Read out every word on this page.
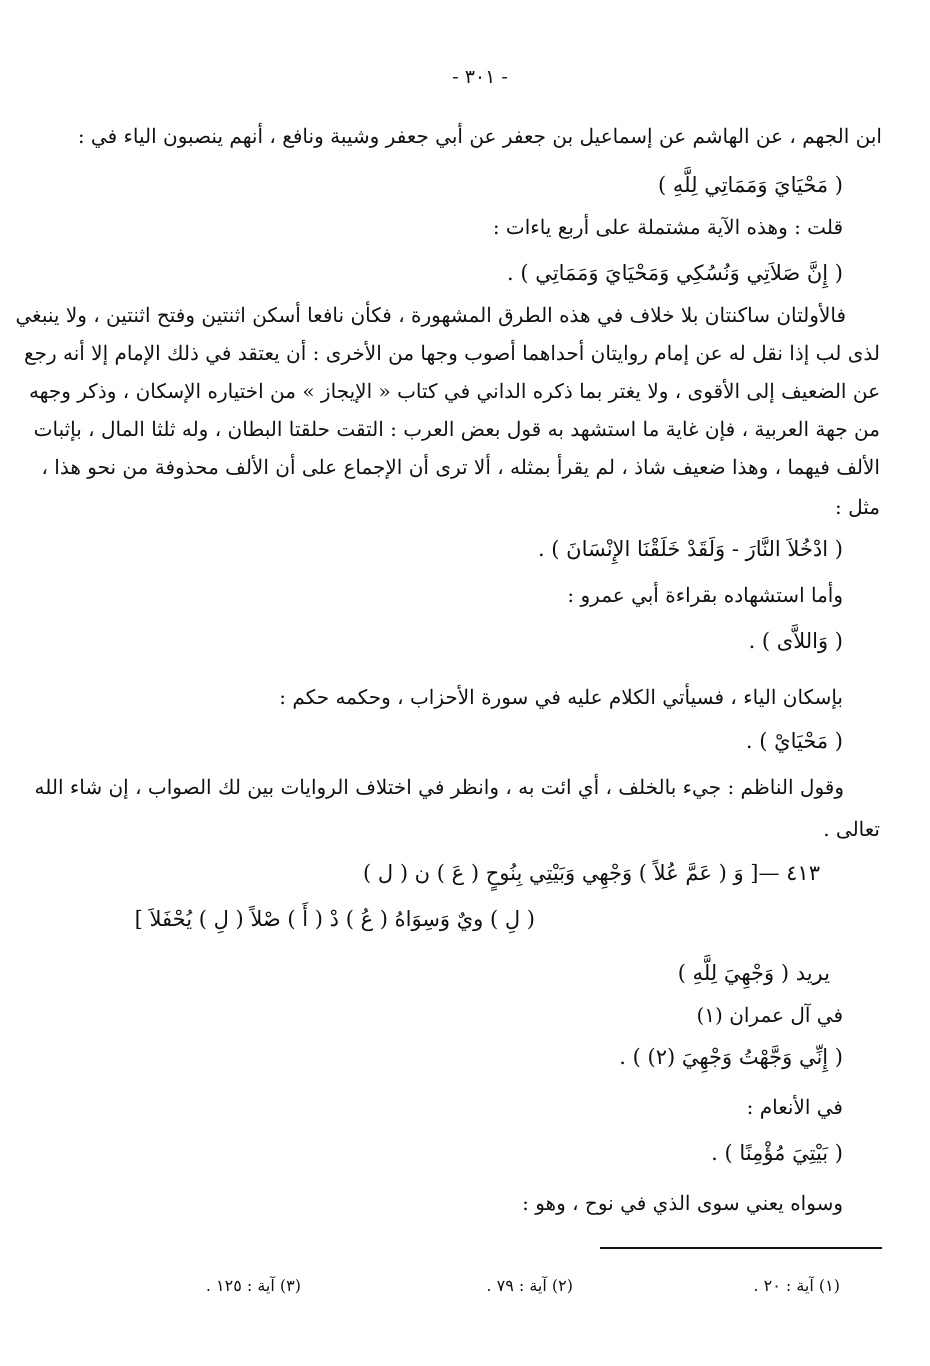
- ٣٠١ -
ابن الجهم ، عن الهاشم عن إسماعيل بن جعفر عن أبي جعفر وشيبة ونافع ، أنهم ينصبون الياء في :
( مَحْيَايَ وَمَمَاتِي لِلَّهِ )
قلت : وهذه الآية مشتملة على أربع ياءات :
( إِنَّ صَلاَتِي وَنُسُكِي وَمَحْيَايَ وَمَمَاتِي ) .
فالأولتان ساكنتان بلا خلاف في هذه الطرق المشهورة ، فكأن نافعا أسكن اثنتين وفتح اثنتين ، ولا ينبغي
لذى لب إذا نقل له عن إمام روايتان أحداهما أصوب وجها من الأخرى : أن يعتقد في ذلك الإمام إلا أنه رجع
عن الضعيف إلى الأقوى ، ولا يغتر بما ذكره الداني في كتاب « الإيجاز » من اختياره الإسكان ، وذكر وجهه
من جهة العربية ، فإن غاية ما استشهد به قول بعض العرب : التقت حلقتا البطان ، وله ثلثا المال ، بإثبات
الألف فيهما ، وهذا ضعيف شاذ ، لم يقرأ بمثله ، ألا ترى أن الإجماع على أن الألف محذوفة من نحو هذا ،
مثل :
( ادْخُلاَ النَّارَ - وَلَقَدْ خَلَقْنَا الإِنْسَانَ ) .
وأما استشهاده بقراءة أبي عمرو :
( وَاللاَّى ) .
بإسكان الياء ، فسيأتي الكلام عليه في سورة الأحزاب ، وحكمه حكم :
( مَحْيَايْ ) .
وقول الناظم : جيء بالخلف ، أي ائت به ، وانظر في اختلاف الروايات بين لك الصواب ، إن شاء الله
تعالى .
٤١٣ —[ وَ ( عَمَّ عُلاً ) وَجْهِي وَبَيْتِي بِنُوحٍ ( عَ ) ن ( ل )
( لِ ) ويٌ وَسِوَاهُ ( عُ ) دْ ( أَ ) صْلاً ( لِ ) يُحْفَلاَ ]
يريد ( وَجْهِيَ لِلَّهِ )
في آل عمران (١)
( إِنِّي وَجَّهْتُ وَجْهِيَ (٢) ) .
في الأنعام :
( بَيْتِيَ مُؤْمِنًا ) .
وسواه يعني سوى الذي في نوح ، وهو :
(١) آية : ٢٠ .
(٢) آية : ٧٩ .
(٣) آية : ١٢٥ .
